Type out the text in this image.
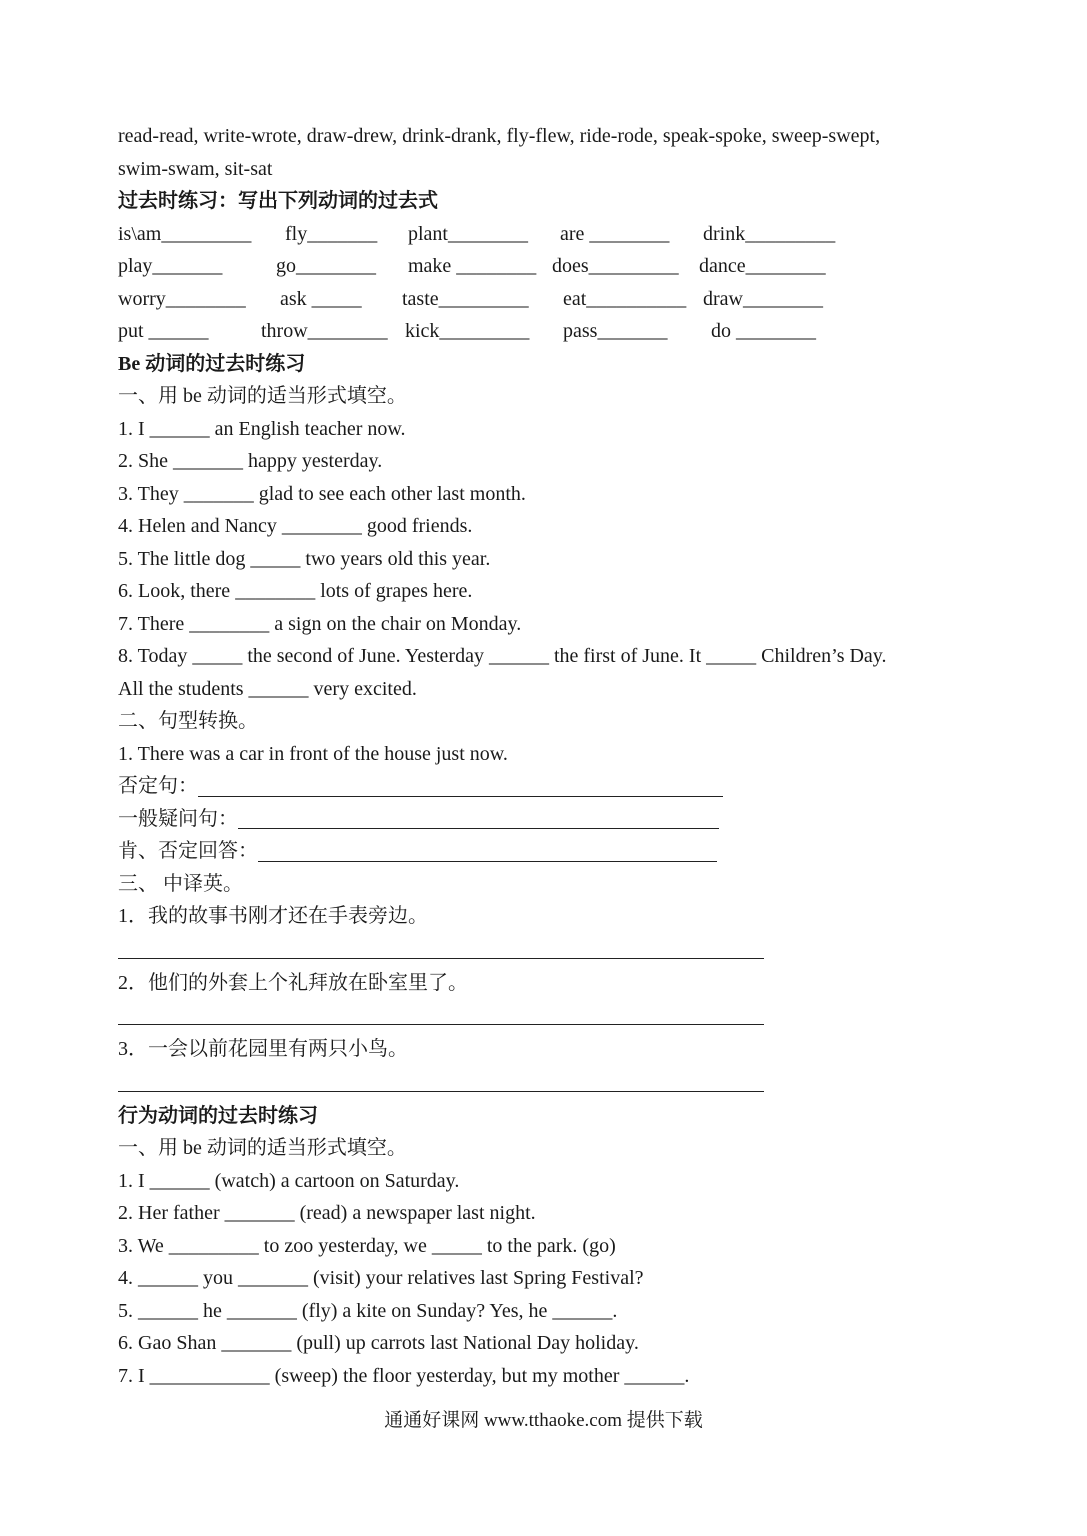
read-read, write-wrote, draw-drew, drink-drank, fly-flew, ride-rode, speak-spoke, sweep-swept,
swim-swam, sit-sat
过去时练习：写出下列动词的过去式
is\am_________	fly_______	plant________	are ________	drink_________
play_______	go________	make ________ does_________	dance________
worry________	ask _____	taste_________	eat__________ draw________
put ______	throw________ kick_________	pass_______	do ________
Be 动词的过去时练习
一、用 be 动词的适当形式填空。
1. I ______ an English teacher now.
2. She _______ happy yesterday.
3. They _______ glad to see each other last month.
4. Helen and Nancy ________ good friends.
5. The little dog _____ two years old this year.
6. Look, there ________ lots of grapes here.
7. There ________ a sign on the chair on Monday.
8. Today _____ the second of June. Yesterday ______ the first of June. It _____ Children’s Day.
All the students ______ very excited.
二、句型转换。
1. There was a car in front of the house just now.
否定句：
一般疑问句：
肯、否定回答：
三、 中译英。
1．我的故事书刚才还在手表旁边。
2．他们的外套上个礼拜放在卧室里了。
3．一会以前花园里有两只小鸟。
行为动词的过去时练习
一、用 be 动词的适当形式填空。
1. I ______ (watch) a cartoon on Saturday.
2. Her father _______ (read) a newspaper last night.
3. We _________ to zoo yesterday, we _____ to the park. (go)
4. ______ you _______ (visit) your relatives last Spring Festival?
5. ______ he _______ (fly) a kite on Sunday? Yes, he ______.
6. Gao Shan _______ (pull) up carrots last National Day holiday.
7. I ____________ (sweep) the floor yesterday, but my mother ______.
通通好课网 www.tthaoke.com 提供下载
